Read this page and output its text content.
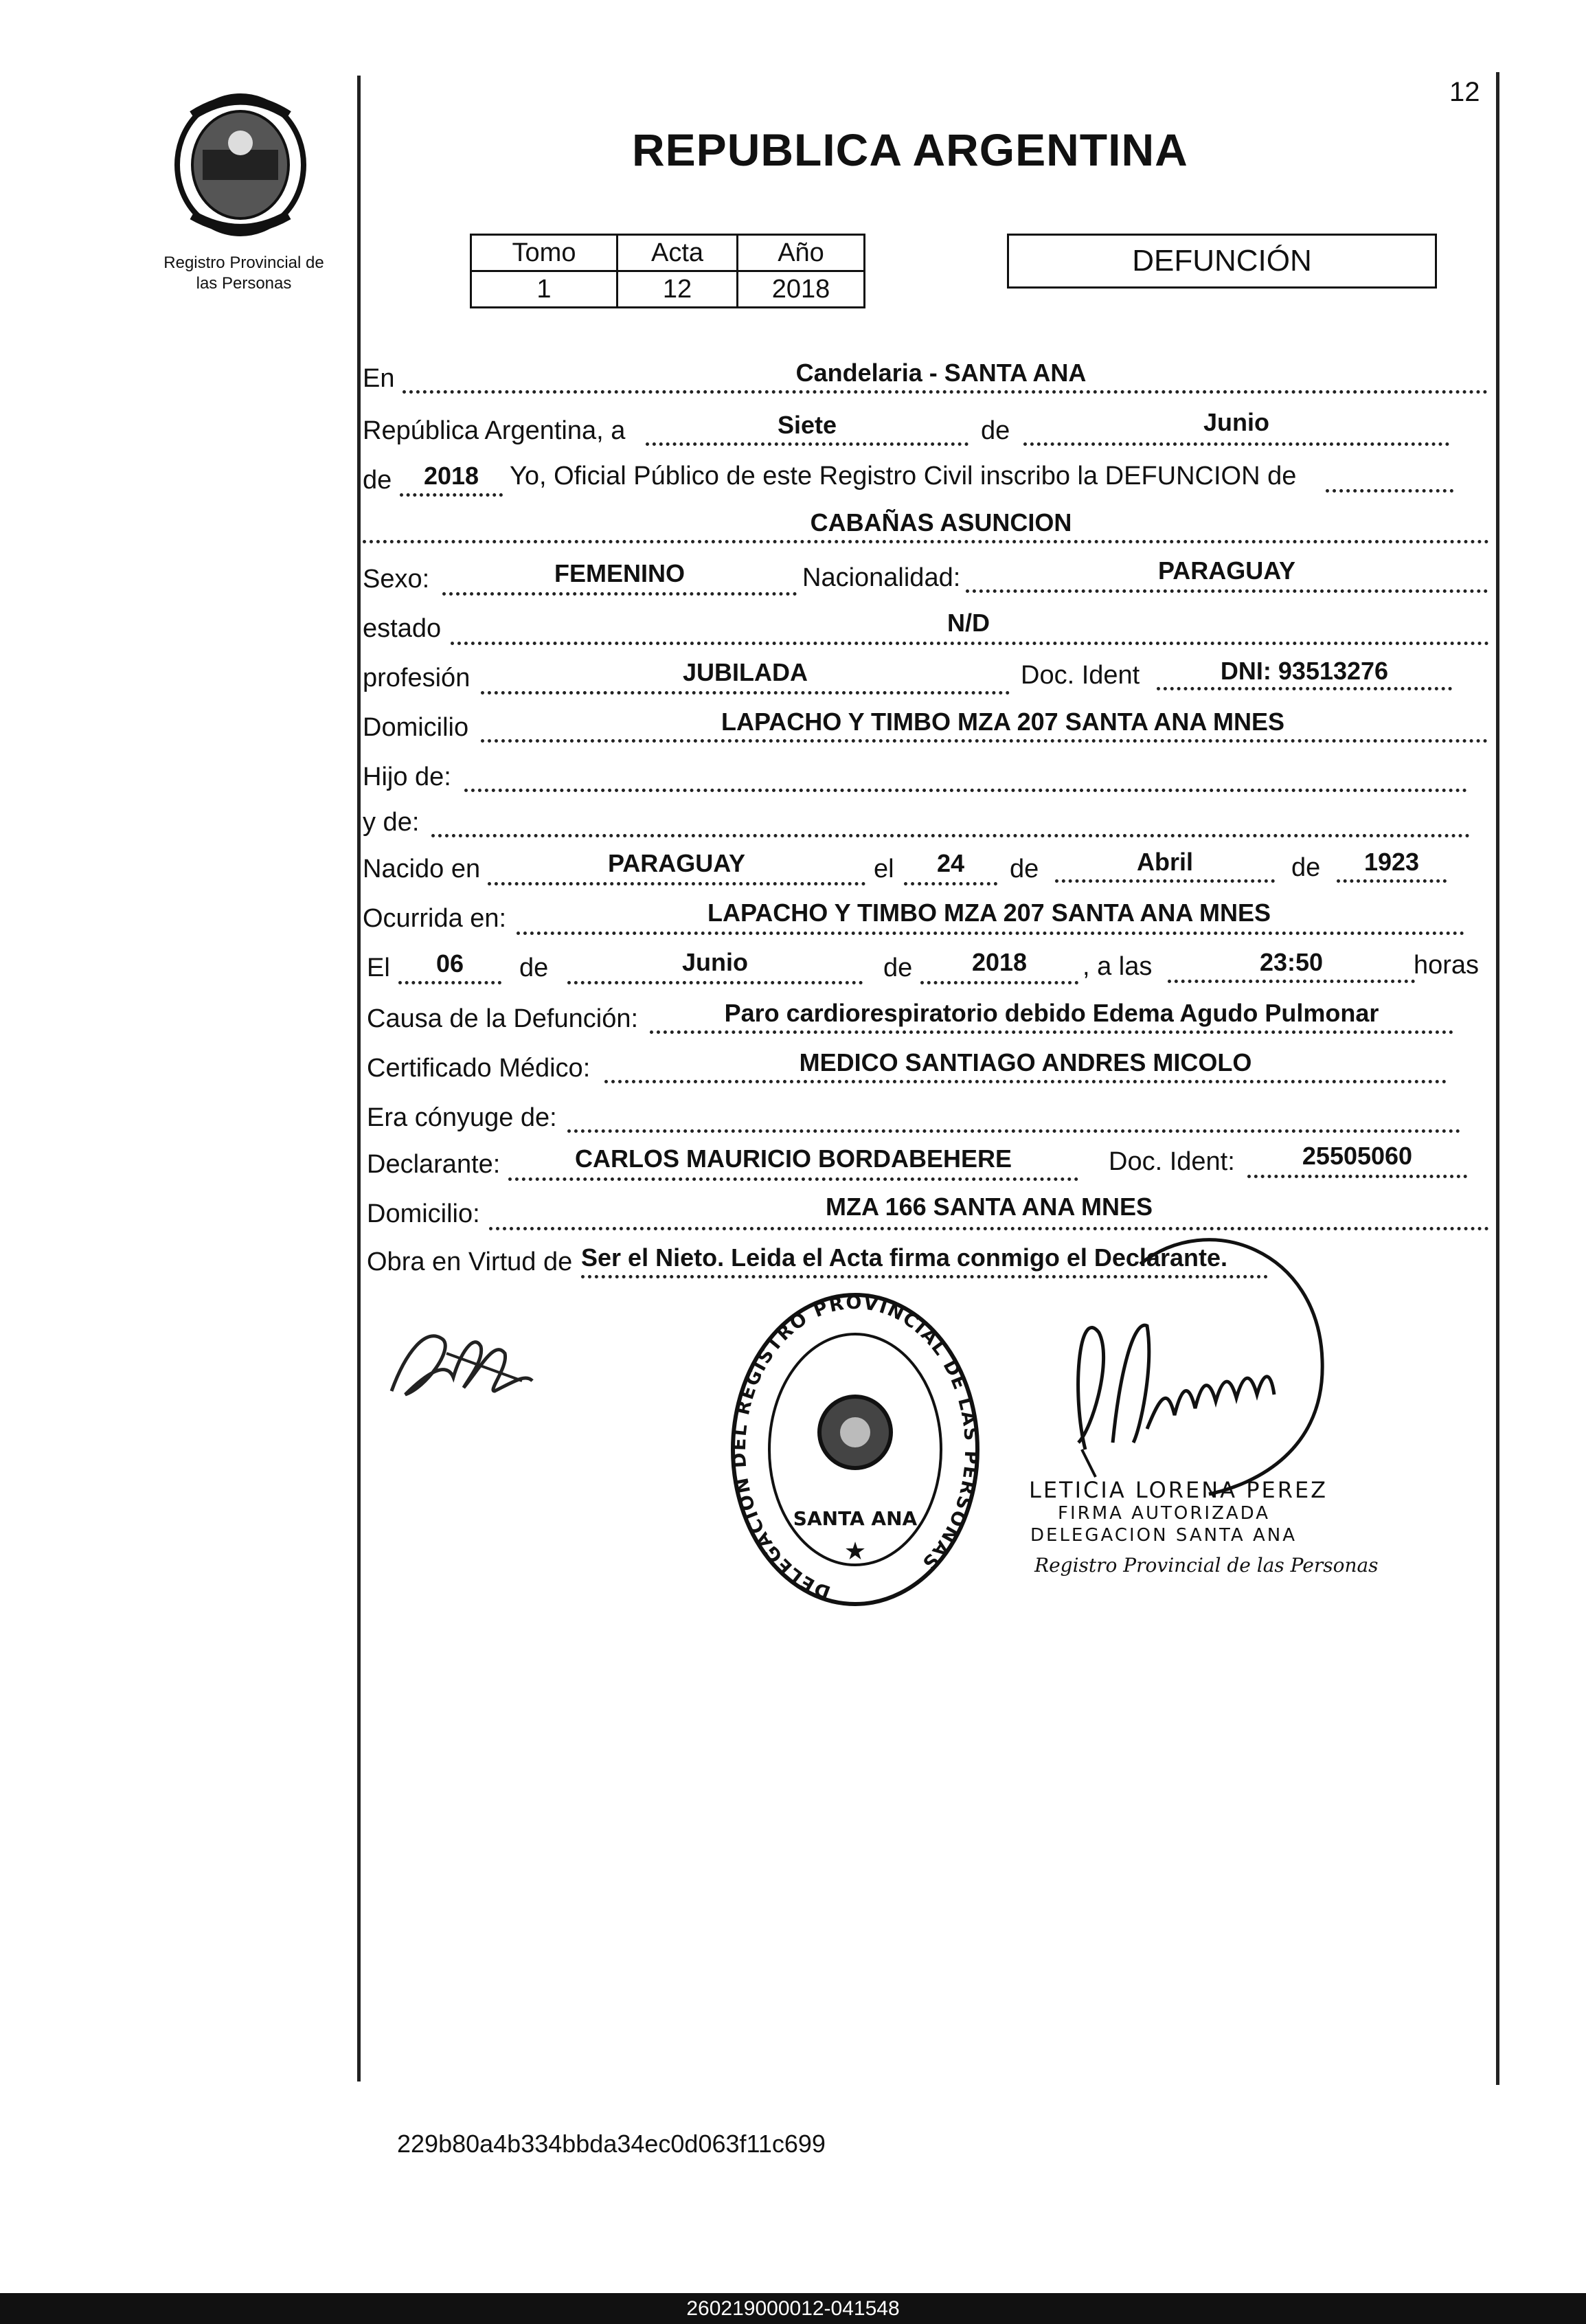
12
Registro Provincial de
las Personas
REPUBLICA ARGENTINA
Tomo	Acta	Año
1	12	2018
DEFUNCIÓN
En	Candelaria - SANTA ANA
República Argentina, a	Siete	de	Junio
de	2018	Yo, Oficial Público de este Registro Civil inscribo la DEFUNCION de
CABAÑAS ASUNCION
Sexo:	FEMENINO	Nacionalidad:	PARAGUAY
estado	N/D
profesión	JUBILADA	Doc. Ident	DNI: 93513276
Domicilio	LAPACHO Y TIMBO MZA 207 SANTA ANA MNES
Hijo de:
y de:
Nacido en	PARAGUAY	el	24	de	Abril	de	1923
Ocurrida en:	LAPACHO Y TIMBO MZA 207 SANTA ANA MNES
El	06	de	Junio	de	2018	, a las	23:50	horas
Causa de la Defunción:	Paro cardiorespiratorio debido Edema Agudo Pulmonar
Certificado Médico:	MEDICO SANTIAGO ANDRES MICOLO
Era cónyuge de:
Declarante:	CARLOS MAURICIO BORDABEHERE	Doc. Ident:	25505060
Domicilio:	MZA 166 SANTA ANA MNES
Obra en Virtud de Ser el Nieto. Leida el Acta firma conmigo el Declarante.
DELEGACION DEL REGISTRO PROVINCIAL DE LAS PERSONAS
SANTA ANA
★
LETICIA LORENA PEREZ
FIRMA AUTORIZADA
DELEGACION SANTA ANA
Registro Provincial de las Personas
229b80a4b334bbda34ec0d063f11c699
260219000012-041548
